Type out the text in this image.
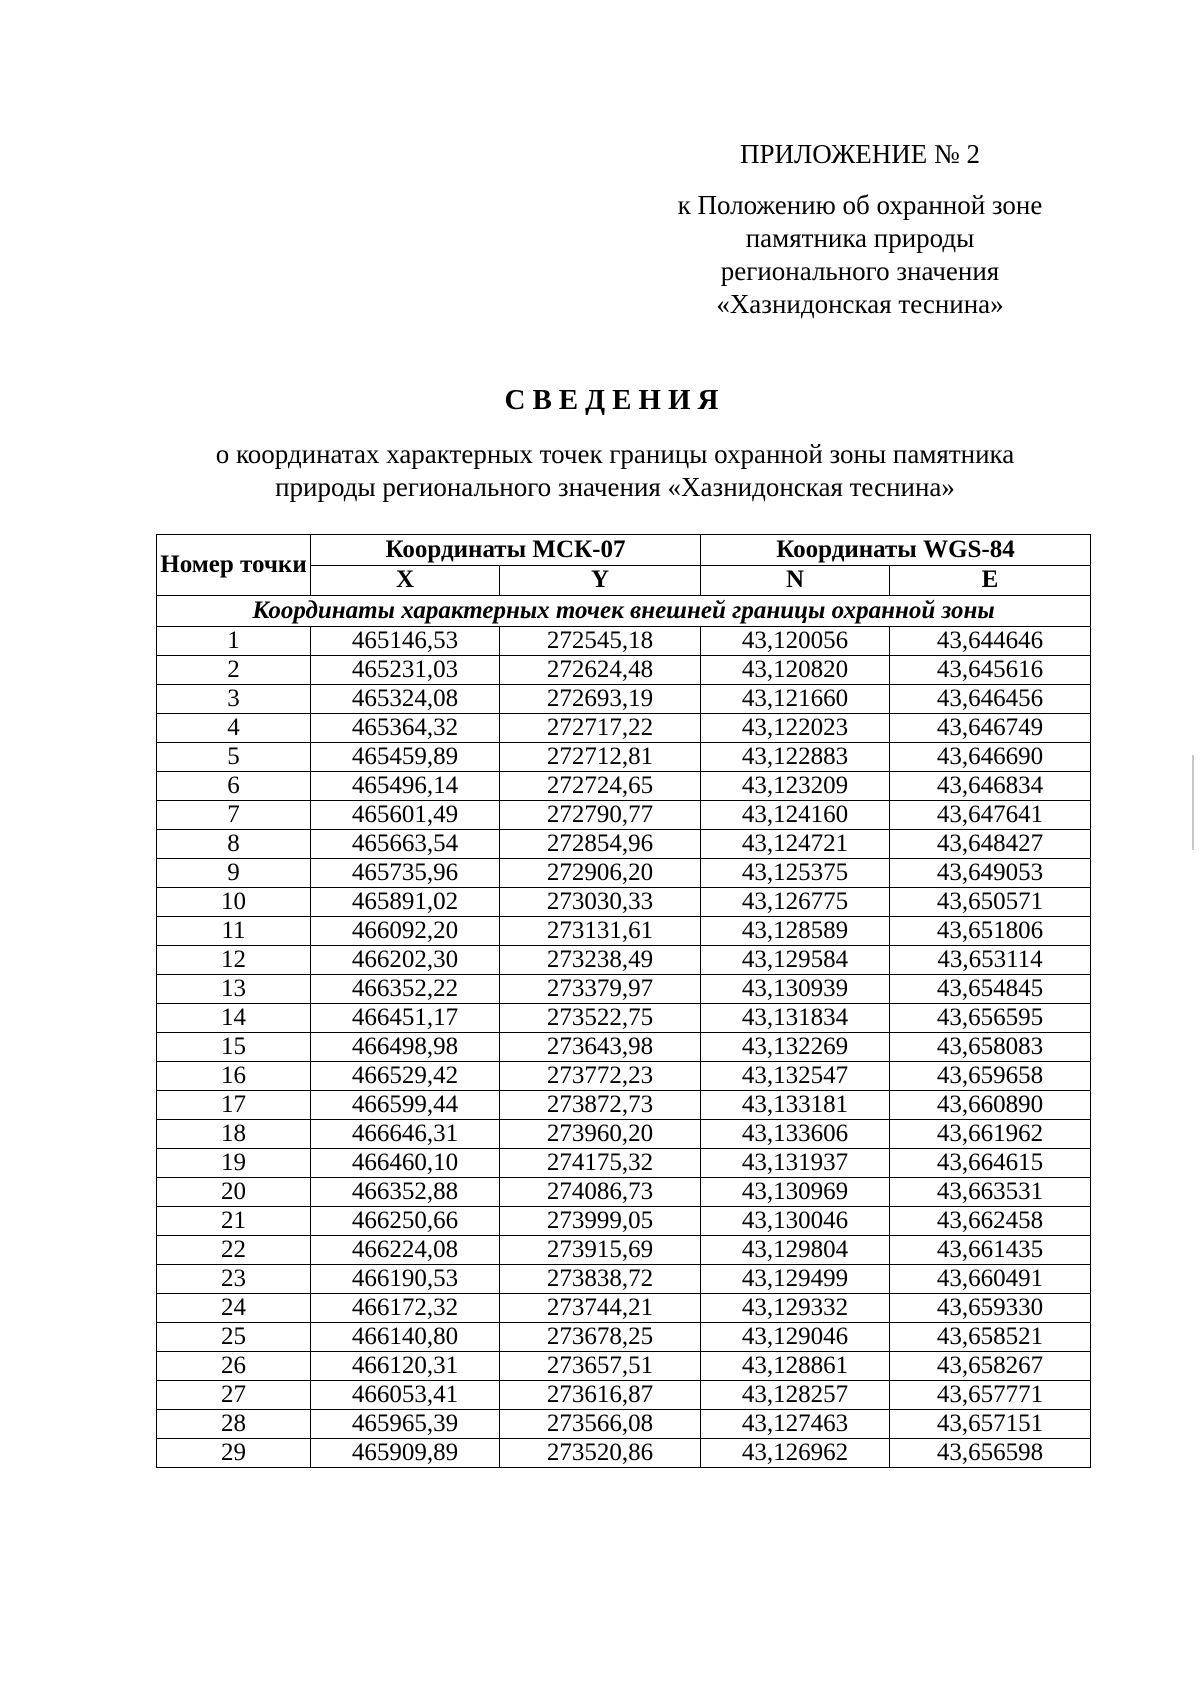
ПРИЛОЖЕНИЕ № 2
к Положению об охранной зоне
памятника природы
регионального значения
«Хазнидонская теснина»
СВЕДЕНИЯ
о координатах характерных точек границы охранной зоны памятника
природы регионального значения «Хазнидонская теснина»
Номер точки	Координаты МСК-07		Координаты WGS-84	
	X	Y	N	E
Координаты характерных точек внешней границы охранной зоны				
1	465146,53	272545,18	43,120056	43,644646
2	465231,03	272624,48	43,120820	43,645616
3	465324,08	272693,19	43,121660	43,646456
4	465364,32	272717,22	43,122023	43,646749
5	465459,89	272712,81	43,122883	43,646690
6	465496,14	272724,65	43,123209	43,646834
7	465601,49	272790,77	43,124160	43,647641
8	465663,54	272854,96	43,124721	43,648427
9	465735,96	272906,20	43,125375	43,649053
10	465891,02	273030,33	43,126775	43,650571
11	466092,20	273131,61	43,128589	43,651806
12	466202,30	273238,49	43,129584	43,653114
13	466352,22	273379,97	43,130939	43,654845
14	466451,17	273522,75	43,131834	43,656595
15	466498,98	273643,98	43,132269	43,658083
16	466529,42	273772,23	43,132547	43,659658
17	466599,44	273872,73	43,133181	43,660890
18	466646,31	273960,20	43,133606	43,661962
19	466460,10	274175,32	43,131937	43,664615
20	466352,88	274086,73	43,130969	43,663531
21	466250,66	273999,05	43,130046	43,662458
22	466224,08	273915,69	43,129804	43,661435
23	466190,53	273838,72	43,129499	43,660491
24	466172,32	273744,21	43,129332	43,659330
25	466140,80	273678,25	43,129046	43,658521
26	466120,31	273657,51	43,128861	43,658267
27	466053,41	273616,87	43,128257	43,657771
28	465965,39	273566,08	43,127463	43,657151
29	465909,89	273520,86	43,126962	43,656598
